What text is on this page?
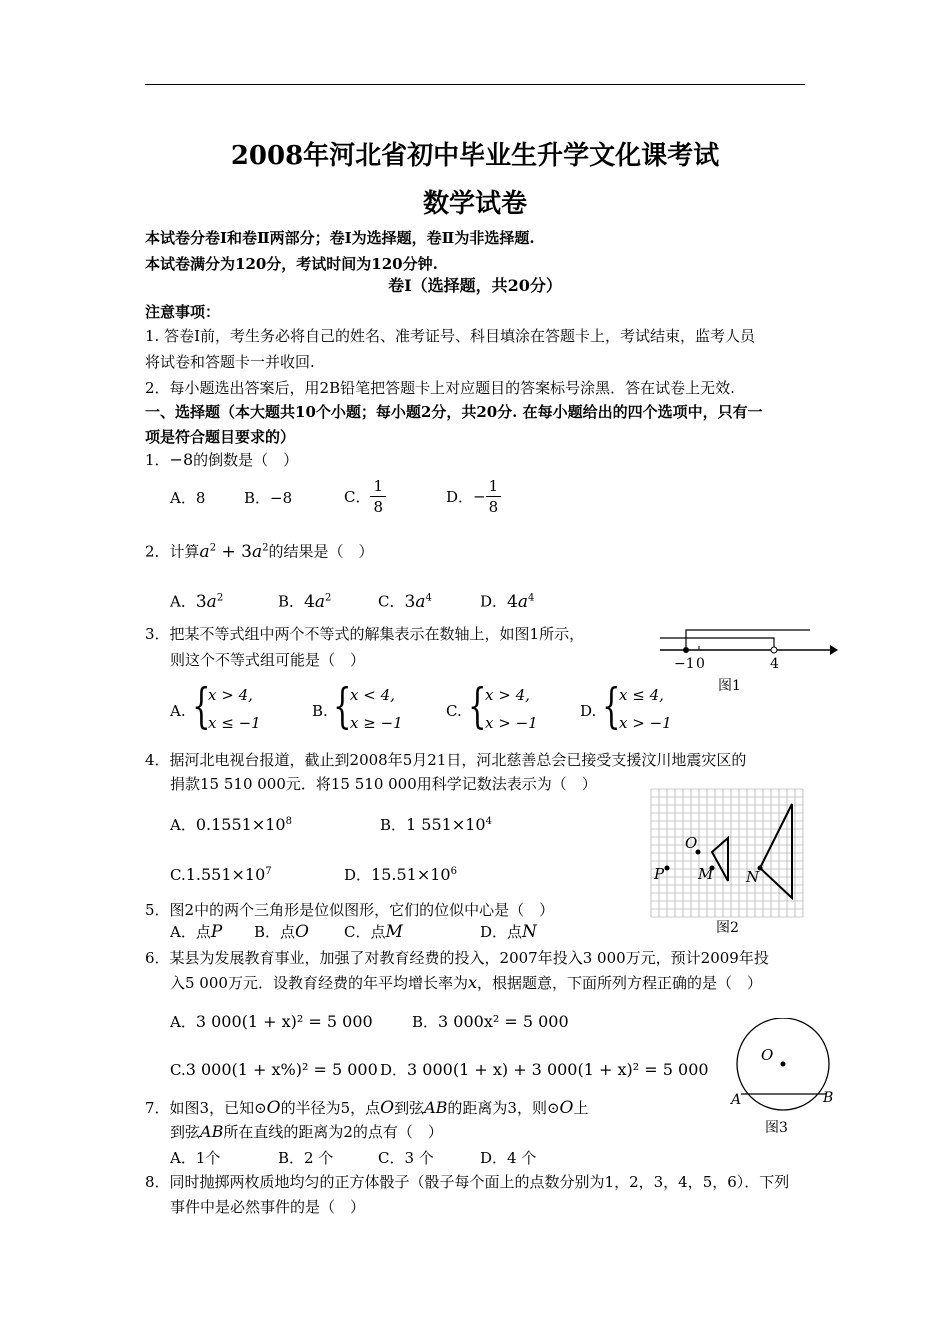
2008年河北省初中毕业生升学文化课考试
数学试卷
本试卷分卷Ⅰ和卷Ⅱ两部分；卷Ⅰ为选择题，卷Ⅱ为非选择题.
本试卷满分为120分，考试时间为120分钟.
卷Ⅰ（选择题，共20分）
注意事项：
1. 答卷Ⅰ前，考生务必将自己的姓名、准考证号、科目填涂在答题卡上，考试结束，监考人员
将试卷和答题卡一并收回.
2．每小题选出答案后，用2B铅笔把答题卡上对应题目的答案标号涂黑．答在试卷上无效.
一、选择题（本大题共10个小题；每小题2分，共20分. 在每小题给出的四个选项中，只有一
项是符合题目要求的）
1．−8的倒数是（　）
A．8	B．−8	C． $\frac{1}{8}$	D．− $\frac{1}{8}$
2．计算$a^2 + 3a^2$的结果是（　）
A．$3a^2$	B．$4a^2$	C．$3a^4$	D．$4a^4$
3．把某不等式组中两个不等式的解集表示在数轴上，如图1所示，
则这个不等式组可能是（　）	−1 0	4
图1
A. {
x > 4,
x ≤ −1
B. {
x < 4,
x ≥ −1
C. {
x > 4,
x > −1
D. {
x ≤ 4,
x > −1
4．据河北电视台报道，截止到2008年5月21日，河北慈善总会已接受支援汶川地震灾区的
捐款15 510 000元．将15 510 000用科学记数法表示为（　）
A．$0.1551\times 10^8$	B．1 $551\times 10^4$
$C.1.551\times 10^7$	D．$15.51\times 10^6$
O
P M N
图2
5．图2中的两个三角形是位似图形，它们的位似中心是（　）
A．点P B．点O C．点M	D．点N
6．某县为发展教育事业，加强了对教育经费的投入，2007年投入3 000万元，预计2009年投
入5 000万元．设教育经费的年平均增长率为x，根据题意，下面所列方程正确的是（　）
A．3 000(1 + x)² = 5 000	B．3 000x² = 5 000
C.3 000(1 + x%)² = 5 000 D．3 000(1 + x) + 3 000(1 + x)² = 5 000
O
A	B
图3
7．如图3，已知⊙O的半径为5，点O到弦AB的距离为3，则⊙O上
到弦AB所在直线的距离为2的点有（　）
A．1个	B．2 个	C．3 个	D．4 个
8．同时抛掷两枚质地均匀的正方体骰子（骰子每个面上的点数分别为1，2，3，4，5，6）．下列
事件中是必然事件的是（　）
